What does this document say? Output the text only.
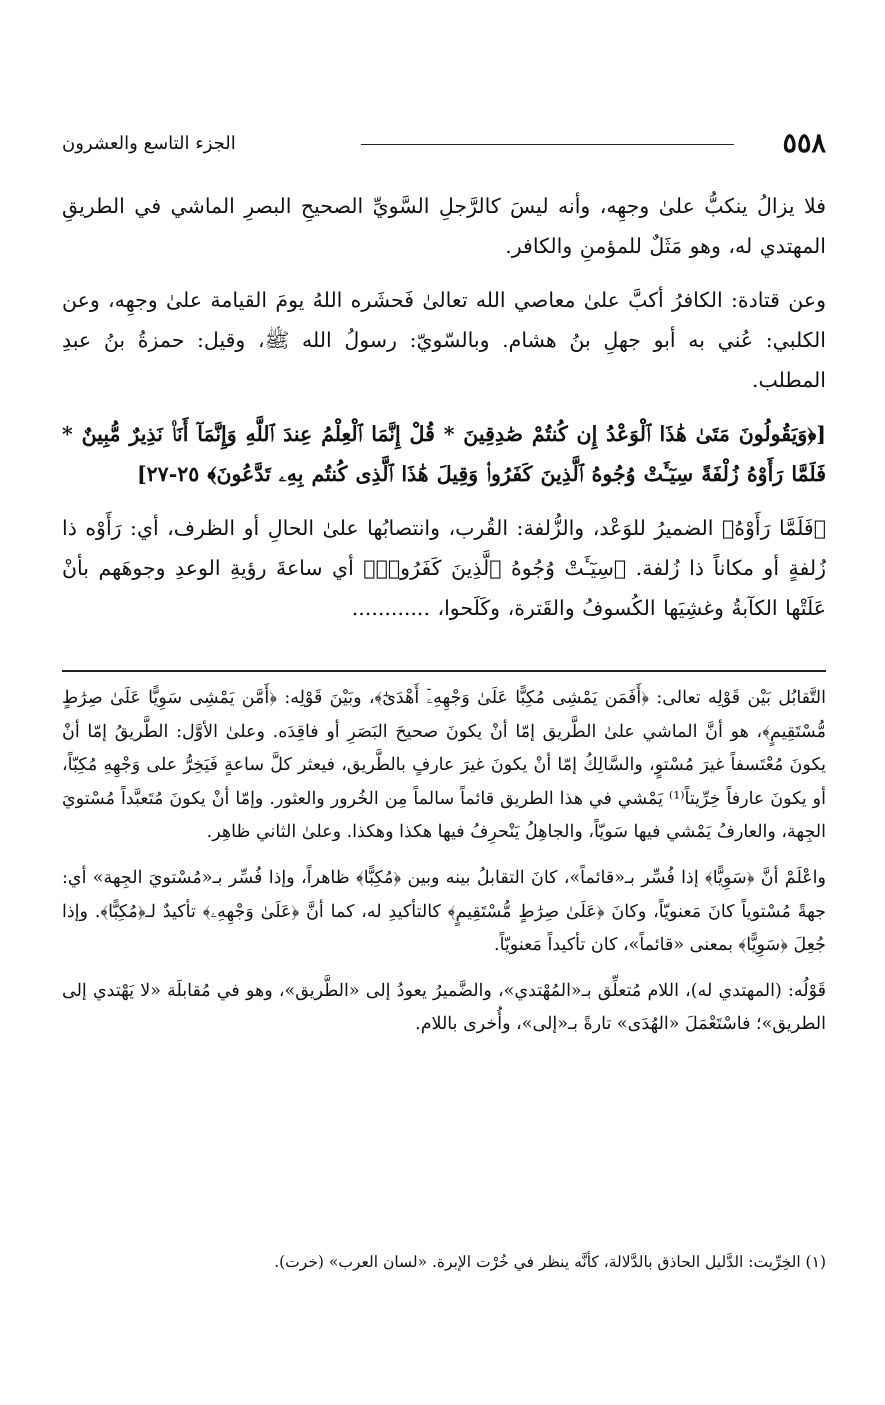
٥٥٨
الجزء التاسع والعشرون

فلا يزالُ ينكبُّ علىٰ وجهِه، وأنه ليسَ كالرَّجلِ السَّويِّ الصحيحِ البصرِ الماشي في الطريقِ المهتدي له، وهو مَثَلٌ للمؤمنِ والكافر.

وعن قتادة: الكافرُ أكبَّ علىٰ معاصي الله تعالىٰ فَحشَره اللهُ يومَ القيامة علىٰ وجهِه، وعن الكلبي: عُني به أبو جهلِ بنُ هشام. وبالسّويّ: رسولُ الله ﷺ، وقيل: حمزةُ بنُ عبدِ المطلب.

[﴿وَيَقُولُونَ مَتَىٰ هَٰذَا ٱلْوَعْدُ إِن كُنتُمْ صَٰدِقِينَ * قُلْ إِنَّمَا ٱلْعِلْمُ عِندَ ٱللَّهِ وَإِنَّمَآ أَنَا۠ نَذِيرٌ مُّبِينٌ * فَلَمَّا رَأَوْهُ زُلْفَةً سِيٓـَٔتْ وُجُوهُ ٱلَّذِينَ كَفَرُوا۟ وَقِيلَ هَٰذَا ٱلَّذِى كُنتُم بِهِۦ تَدَّعُونَ﴾ ٢٥-٢٧]

﴿فَلَمَّا رَأَوْهُ﴾ الضميرُ للوَعْد، والزُّلفة: القُرب، وانتصابُها علىٰ الحالِ أو الظرف، أي: رَأَوْه ذا زُلفةٍ أو مكاناً ذا زُلفة. ﴿سِيٓـَٔتْ وُجُوهُ ٱلَّذِينَ كَفَرُوا۟﴾ أي ساعةَ رؤيةِ الوعدِ وجوهَهم بأنْ عَلَتْها الكآبةُ وغشِيَها الكُسوفُ والقَترة، وكَلَحوا، ............

التَّقابُل بَيْن قَوْلِه تعالى: ﴿أَفَمَن يَمْشِى مُكِبًّا عَلَىٰ وَجْهِهِۦٓ أَهْدَىٰٓ﴾، وبَيْنَ قَوْلِه: ﴿أَمَّن يَمْشِى سَوِيًّا عَلَىٰ صِرَٰطٍ مُّسْتَقِيمٍ﴾، هو أنَّ الماشي علىٰ الطَّريق إمّا أنْ يكونَ صحيحَ البَصَرِ أو فاقِدَه. وعلىٰ الأوَّل: الطَّريقُ إمّا أنْ يكونَ مُعْتَسفاً غيرَ مُسْتوٍ، والسَّالِكُ إمّا أنْ يكونَ غيرَ عارفٍ بالطَّريق، فيعثر كلَّ ساعةٍ فَيَخِرُّ على وَجْهِهِ مُكِبّاً، أو يكونَ عارفاً خِرِّيتاً⁽¹⁾ يَمْشي في هذا الطريق قائماً سالماً مِن الخُرور والعثور. وإمّا أنْ يكونَ مُتَعبَّداً مُسْتويَ الجِهة، والعارفُ يَمْشي فيها سَويّاً، والجاهِلُ يَنْحرِفُ فيها هكذا وهكذا. وعلىٰ الثاني ظاهِر.

واعْلَمْ أنَّ ﴿سَوِيًّا﴾ إذا فُسِّر بـ«قائماً»، كانَ التقابلُ بينه وبين ﴿مُكِبًّا﴾ ظاهراً، وإذا فُسِّر بـ«مُسْتويَ الجِهة» أي: جهةً مُسْتوياً كانَ مَعنويّاً، وكانَ ﴿عَلَىٰ صِرَٰطٍ مُّسْتَقِيمٍ﴾ كالتأكيدِ له، كما أنَّ ﴿عَلَىٰ وَجْهِهِۦ﴾ تأكيدٌ لـ﴿مُكِبًّا﴾. وإذا جُعِلَ ﴿سَوِيًّا﴾ بمعنى «قائماً»، كان تأكيداً مَعنويّاً.

قَوْلُه: (المهتدي له)، اللام مُتعلِّق بـ«المُهْتدي»، والضَّميرُ يعودُ إلى «الطَّريق»، وهو في مُقابلَة «لا يَهْتدي إلى الطريق»؛ فاسْتَعْمَلَ «الهُدَى» تارةً بـ«إلى»، وأُخرى باللام.

(١) الخِرِّيت: الدَّليل الحاذق بالدَّلالة، كأنَّه ينظر في خُرْت الإبرة. «لسان العرب» (خرت).
